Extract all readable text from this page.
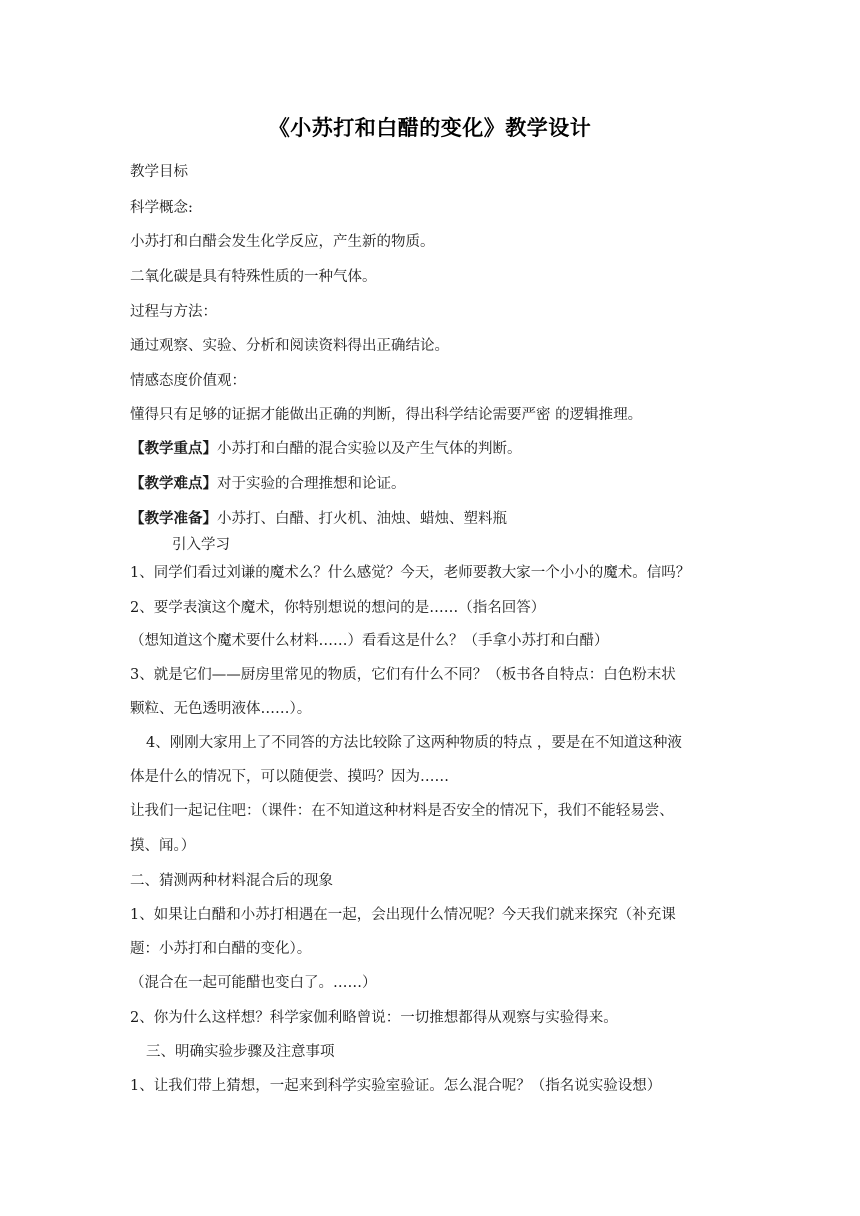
《小苏打和白醋的变化》教学设计
教学目标
科学概念:
小苏打和白醋会发生化学反应，产生新的物质。
二氧化碳是具有特殊性质的一种气体。
过程与方法：
通过观察、实验、分析和阅读资料得出正确结论。
情感态度价值观：
懂得只有足够的证据才能做出正确的判断，得出科学结论需要严密 的逻辑推理。
【教学重点】小苏打和白醋的混合实验以及产生气体的判断。
【教学难点】对于实验的合理推想和论证。
【教学准备】小苏打、白醋、打火机、油烛、蜡烛、塑料瓶
引入学习
1、同学们看过刘谦的魔术么？什么感觉？今天，老师要教大家一个小小的魔术。信吗？
2、要学表演这个魔术，你特别想说的想问的是……（指名回答）
（想知道这个魔术要什么材料……）看看这是什么？（手拿小苏打和白醋）
3、就是它们——厨房里常见的物质，它们有什么不同？（板书各自特点：白色粉末状
颗粒、无色透明液体……）。
4、刚刚大家用上了不同答的方法比较除了这两种物质的特点 ，要是在不知道这种液
体是什么的情况下，可以随便尝、摸吗？因为……
让我们一起记住吧：（课件：在不知道这种材料是否安全的情况下，我们不能轻易尝、
摸、闻。）
二、猜测两种材料混合后的现象
1、如果让白醋和小苏打相遇在一起，会出现什么情况呢？今天我们就来探究（补充课
题：小苏打和白醋的变化）。
（混合在一起可能醋也变白了。……）
2、你为什么这样想？科学家伽利略曾说：一切推想都得从观察与实验得来。
三、明确实验步骤及注意事项
1、让我们带上猜想，一起来到科学实验室验证。怎么混合呢？（指名说实验设想）
